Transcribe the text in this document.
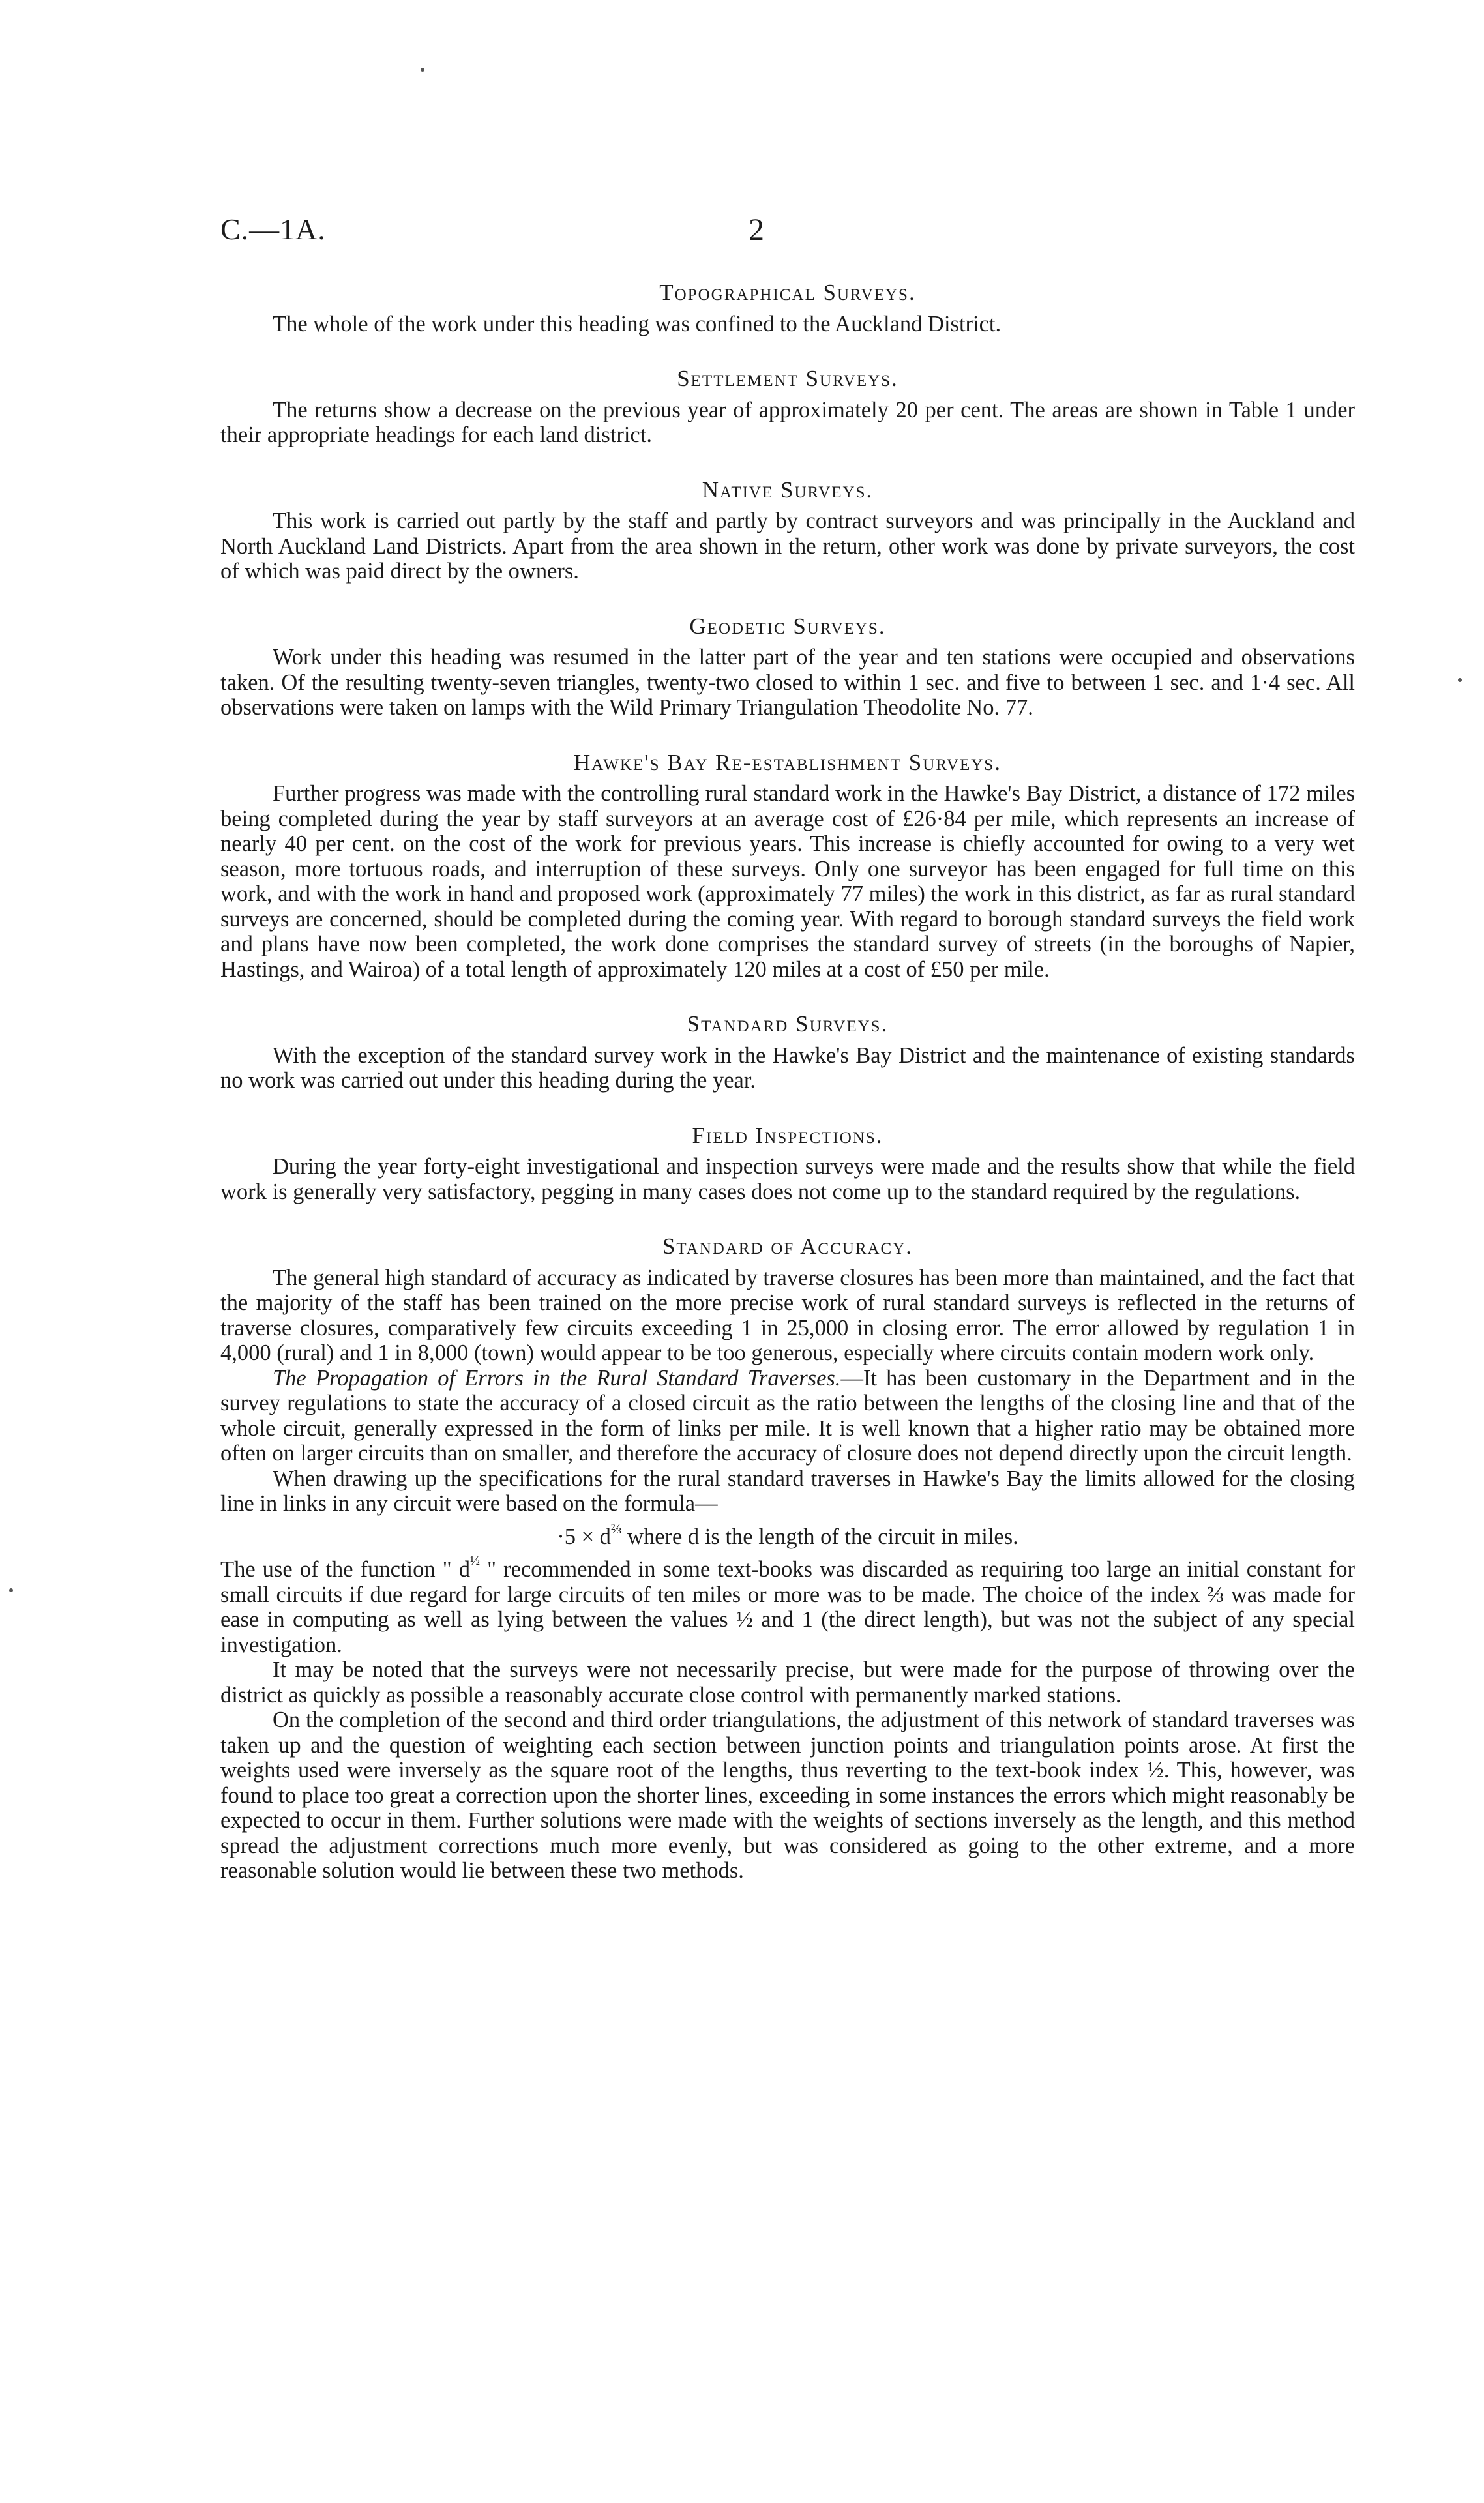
C.—1A.	2
Topographical Surveys.

The whole of the work under this heading was confined to the Auckland District.

Settlement Surveys.

The returns show a decrease on the previous year of approximately 20 per cent. The areas are shown in Table 1 under their appropriate headings for each land district.

Native Surveys.

This work is carried out partly by the staff and partly by contract surveyors and was principally in the Auckland and North Auckland Land Districts. Apart from the area shown in the return, other work was done by private surveyors, the cost of which was paid direct by the owners.

Geodetic Surveys.

Work under this heading was resumed in the latter part of the year and ten stations were occupied and observations taken. Of the resulting twenty-seven triangles, twenty-two closed to within 1 sec. and five to between 1 sec. and 1·4 sec. All observations were taken on lamps with the Wild Primary Triangulation Theodolite No. 77.

Hawke's Bay Re-establishment Surveys.

Further progress was made with the controlling rural standard work in the Hawke's Bay District, a distance of 172 miles being completed during the year by staff surveyors at an average cost of £26·84 per mile, which represents an increase of nearly 40 per cent. on the cost of the work for previous years. This increase is chiefly accounted for owing to a very wet season, more tortuous roads, and interruption of these surveys. Only one surveyor has been engaged for full time on this work, and with the work in hand and proposed work (approximately 77 miles) the work in this district, as far as rural standard surveys are concerned, should be completed during the coming year. With regard to borough standard surveys the field work and plans have now been completed, the work done comprises the standard survey of streets (in the boroughs of Napier, Hastings, and Wairoa) of a total length of approximately 120 miles at a cost of £50 per mile.

Standard Surveys.

With the exception of the standard survey work in the Hawke's Bay District and the maintenance of existing standards no work was carried out under this heading during the year.

Field Inspections.

During the year forty-eight investigational and inspection surveys were made and the results show that while the field work is generally very satisfactory, pegging in many cases does not come up to the standard required by the regulations.

Standard of Accuracy.

The general high standard of accuracy as indicated by traverse closures has been more than maintained, and the fact that the majority of the staff has been trained on the more precise work of rural standard surveys is reflected in the returns of traverse closures, comparatively few circuits exceeding 1 in 25,000 in closing error. The error allowed by regulation 1 in 4,000 (rural) and 1 in 8,000 (town) would appear to be too generous, especially where circuits contain modern work only.

The Propagation of Errors in the Rural Standard Traverses.—It has been customary in the Department and in the survey regulations to state the accuracy of a closed circuit as the ratio between the lengths of the closing line and that of the whole circuit, generally expressed in the form of links per mile. It is well known that a higher ratio may be obtained more often on larger circuits than on smaller, and therefore the accuracy of closure does not depend directly upon the circuit length.

When drawing up the specifications for the rural standard traverses in Hawke's Bay the limits allowed for the closing line in links in any circuit were based on the formula—

$\cdot 5 \times d^{\frac{2}{3}}$ where d is the length of the circuit in miles.

The use of the function " $d^{\frac{1}{2}}$ " recommended in some text-books was discarded as requiring too large an initial constant for small circuits if due regard for large circuits of ten miles or more was to be made. The choice of the index ⅔ was made for ease in computing as well as lying between the values ½ and 1 (the direct length), but was not the subject of any special investigation.

It may be noted that the surveys were not necessarily precise, but were made for the purpose of throwing over the district as quickly as possible a reasonably accurate close control with permanently marked stations.

On the completion of the second and third order triangulations, the adjustment of this network of standard traverses was taken up and the question of weighting each section between junction points and triangulation points arose. At first the weights used were inversely as the square root of the lengths, thus reverting to the text-book index ½. This, however, was found to place too great a correction upon the shorter lines, exceeding in some instances the errors which might reasonably be expected to occur in them. Further solutions were made with the weights of sections inversely as the length, and this method spread the adjustment corrections much more evenly, but was considered as going to the other extreme, and a more reasonable solution would lie between these two methods.
